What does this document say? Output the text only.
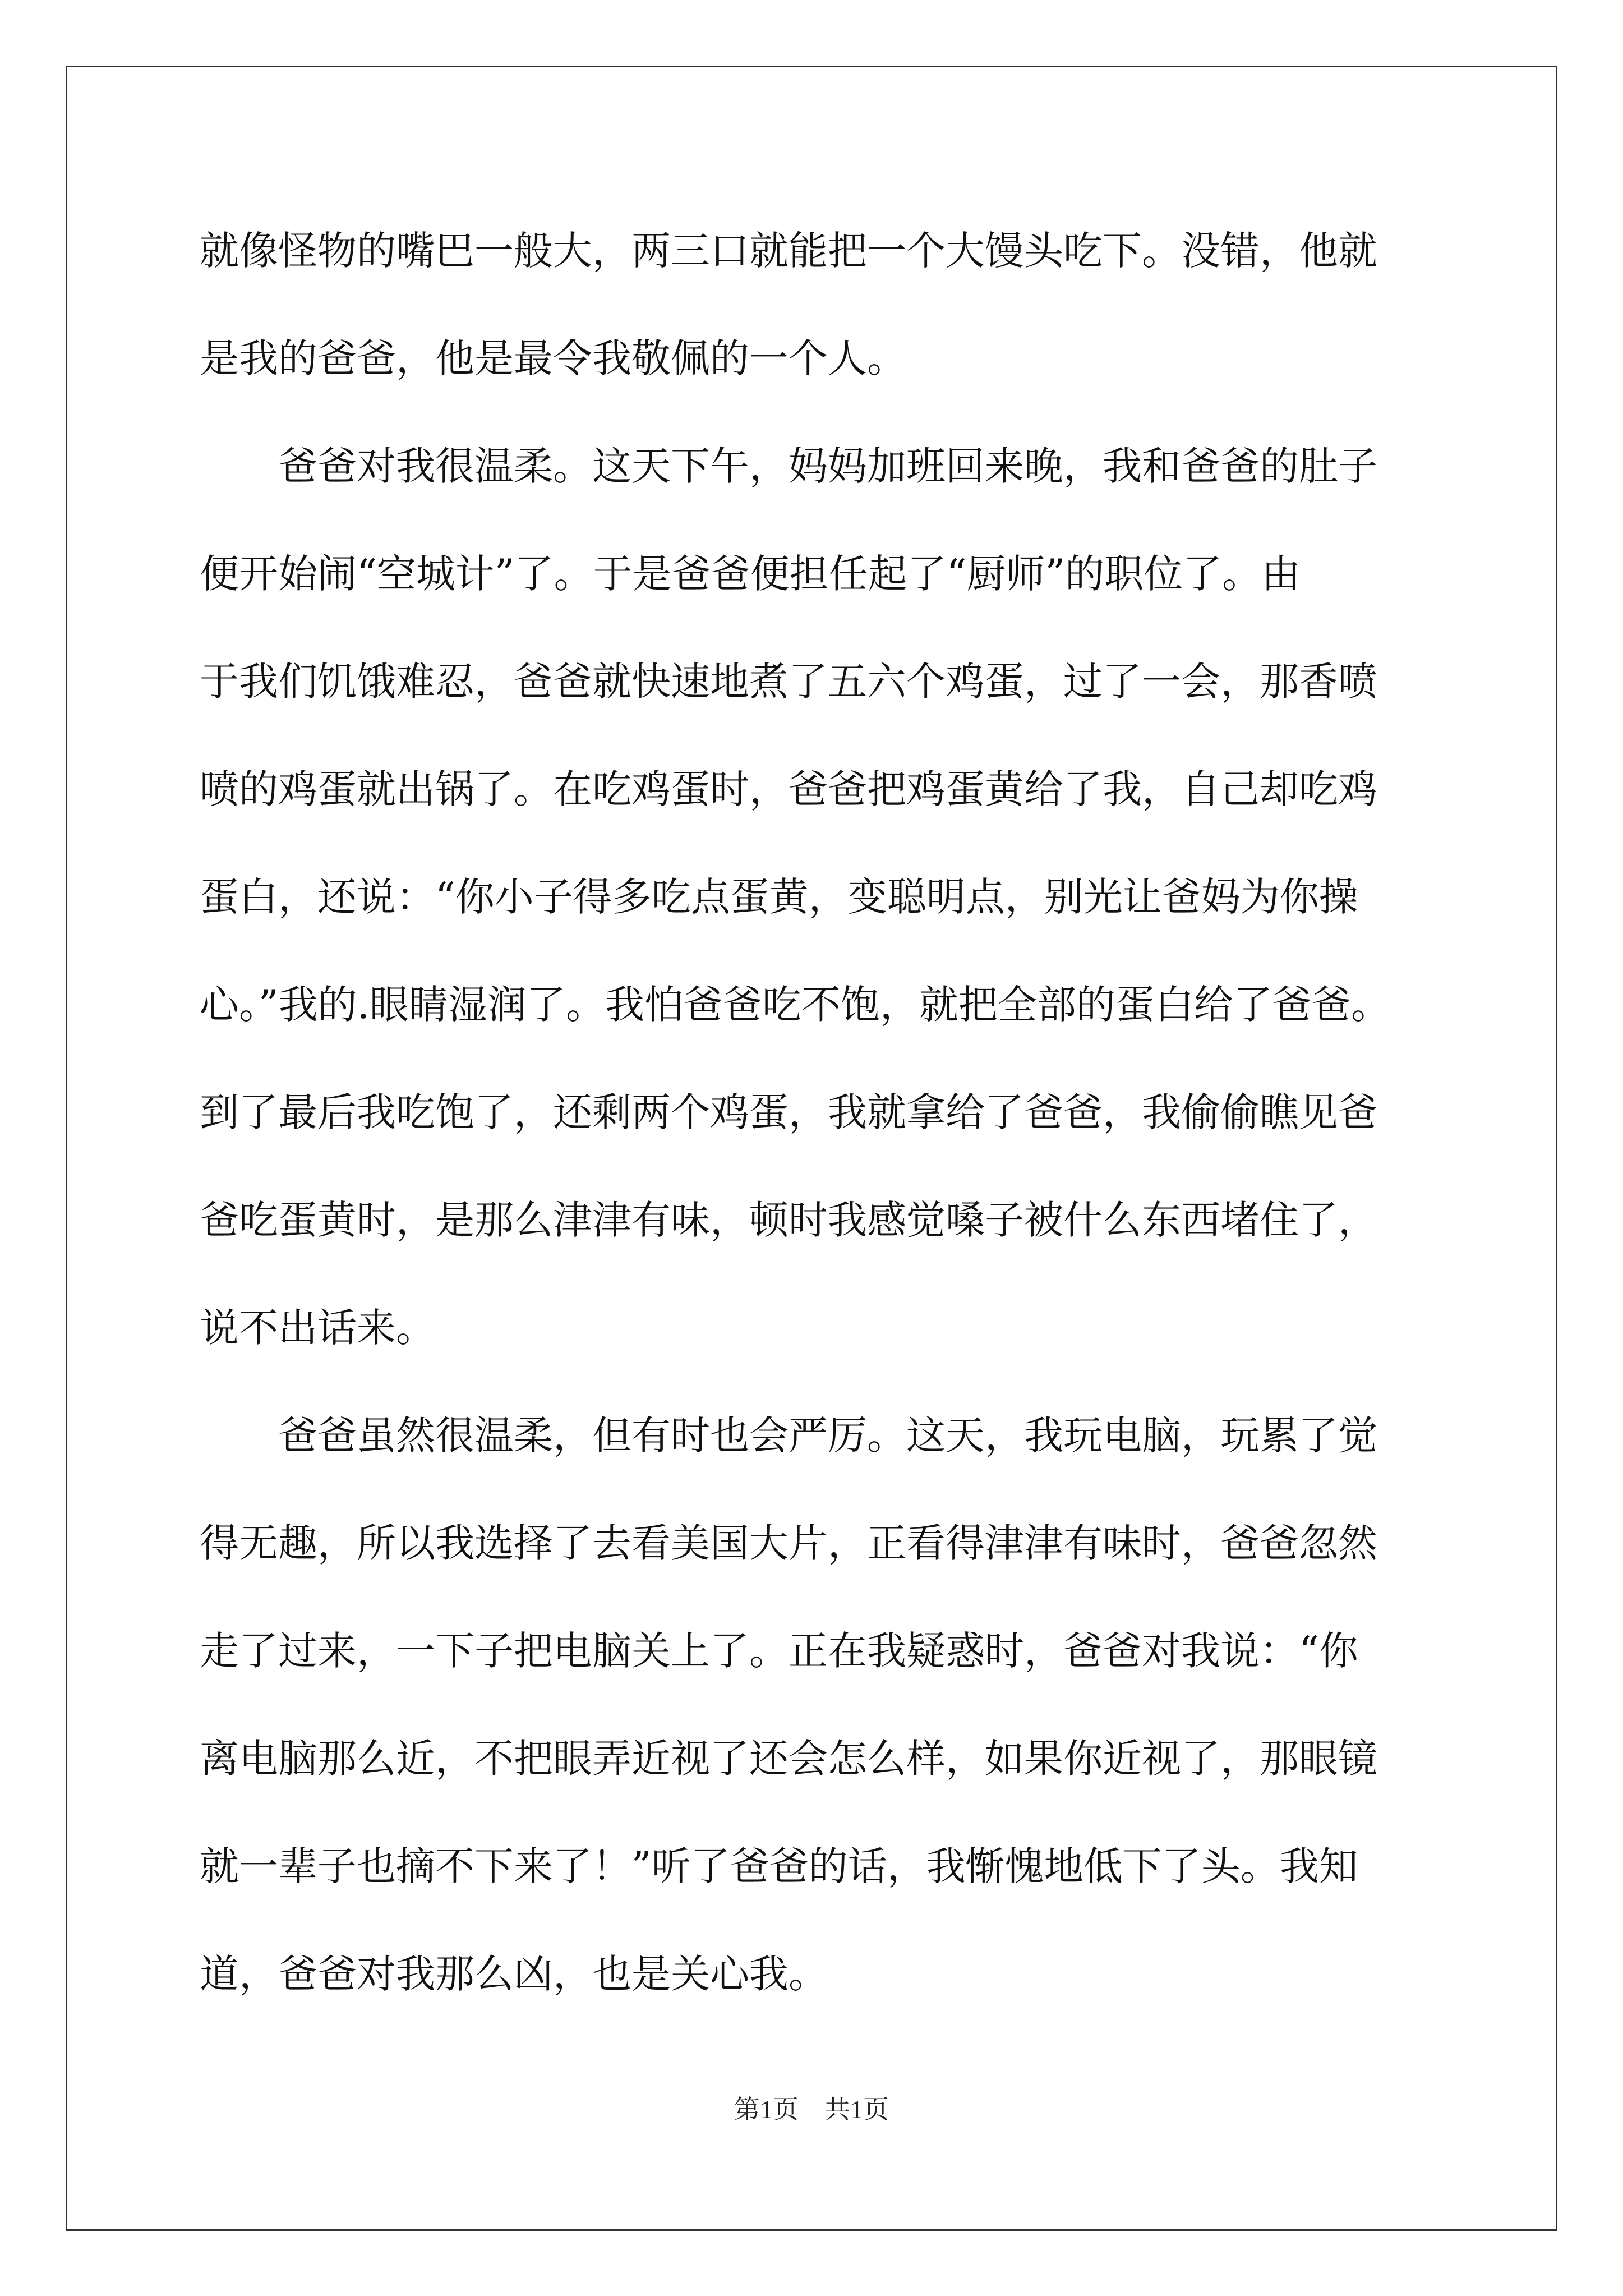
就像怪物的嘴巴一般大，两三口就能把一个大馒头吃下。没错，他就
是我的爸爸，他是最令我敬佩的一个人。
　　爸爸对我很温柔。这天下午，妈妈加班回来晚，我和爸爸的肚子
便开始闹“空城计”了。于是爸爸便担任起了“厨师”的职位了。由
于我们饥饿难忍，爸爸就快速地煮了五六个鸡蛋，过了一会，那香喷
喷的鸡蛋就出锅了。在吃鸡蛋时，爸爸把鸡蛋黄给了我，自己却吃鸡
蛋白，还说：“你小子得多吃点蛋黄，变聪明点，别光让爸妈为你操
心。”我的.眼睛湿润了。我怕爸爸吃不饱，就把全部的蛋白给了爸爸。
到了最后我吃饱了，还剩两个鸡蛋，我就拿给了爸爸，我偷偷瞧见爸
爸吃蛋黄时，是那么津津有味，顿时我感觉嗓子被什么东西堵住了，
说不出话来。
　　爸爸虽然很温柔，但有时也会严厉。这天，我玩电脑，玩累了觉
得无趣，所以我选择了去看美国大片，正看得津津有味时，爸爸忽然
走了过来，一下子把电脑关上了。正在我疑惑时，爸爸对我说：“你
离电脑那么近，不把眼弄近视了还会怎么样，如果你近视了，那眼镜
就一辈子也摘不下来了！”听了爸爸的话，我惭愧地低下了头。我知
道，爸爸对我那么凶，也是关心我。
第1页　共1页
